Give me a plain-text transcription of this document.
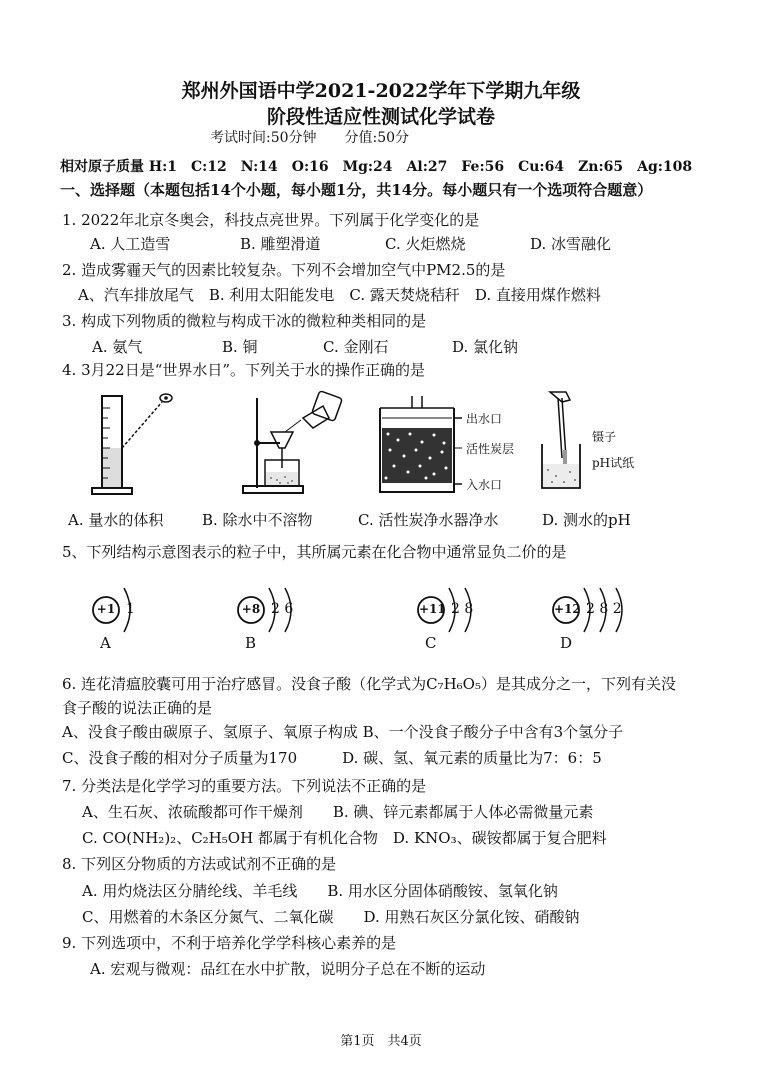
郑州外国语中学2021-2022学年下学期九年级
阶段性适应性测试化学试卷
考试时间:50分钟　　分值:50分
相对原子质量 H:1　C:12　N:14　O:16　Mg:24　Al:27　Fe:56　Cu:64　Zn:65　Ag:108
一、选择题（本题包括14个小题，每小题1分，共14分。每小题只有一个选项符合题意）
1. 2022年北京冬奥会，科技点亮世界。下列属于化学变化的是
A. 人工造雪	B. 雕塑滑道	C. 火炬燃烧	D. 冰雪融化
2. 造成雾霾天气的因素比较复杂。下列不会增加空气中PM2.5的是
A、汽车排放尾气　B. 利用太阳能发电　C. 露天焚烧秸秆　D. 直接用煤作燃料
3. 构成下列物质的微粒与构成干冰的微粒种类相同的是
A. 氨气	B. 铜	C. 金刚石	D. 氯化钠
4. 3月22日是“世界水日”。下列关于水的操作正确的是
出水口
活性炭层
入水口
镊子
pH试纸
A. 量水的体积	B. 除水中不溶物	C. 活性炭净水器净水	D. 测水的pH
5、下列结构示意图表示的粒子中，其所属元素在化合物中通常显负二价的是
+1 1
A
+8 2 6
B
+11 2 8
C
+12 2 8 2
D
6. 连花清瘟胶囊可用于治疗感冒。没食子酸（化学式为C₇H₆O₅）是其成分之一，下列有关没
食子酸的说法正确的是
A、没食子酸由碳原子、氢原子、氧原子构成 B、一个没食子酸分子中含有3个氢分子
C、没食子酸的相对分子质量为170　　　D. 碳、氢、氧元素的质量比为7：6：5
7. 分类法是化学学习的重要方法。下列说法不正确的是
A、生石灰、浓硫酸都可作干燥剂　　B. 碘、锌元素都属于人体必需微量元素
C. CO(NH₂)₂、C₂H₅OH 都属于有机化合物　D. KNO₃、碳铵都属于复合肥料
8. 下列区分物质的方法或试剂不正确的是
A. 用灼烧法区分腈纶线、羊毛线　　B. 用水区分固体硝酸铵、氢氧化钠
C、用燃着的木条区分氮气、二氧化碳　　D. 用熟石灰区分氯化铵、硝酸钠
9. 下列选项中，不利于培养化学学科核心素养的是
A. 宏观与微观：品红在水中扩散，说明分子总在不断的运动
第1页　共4页
